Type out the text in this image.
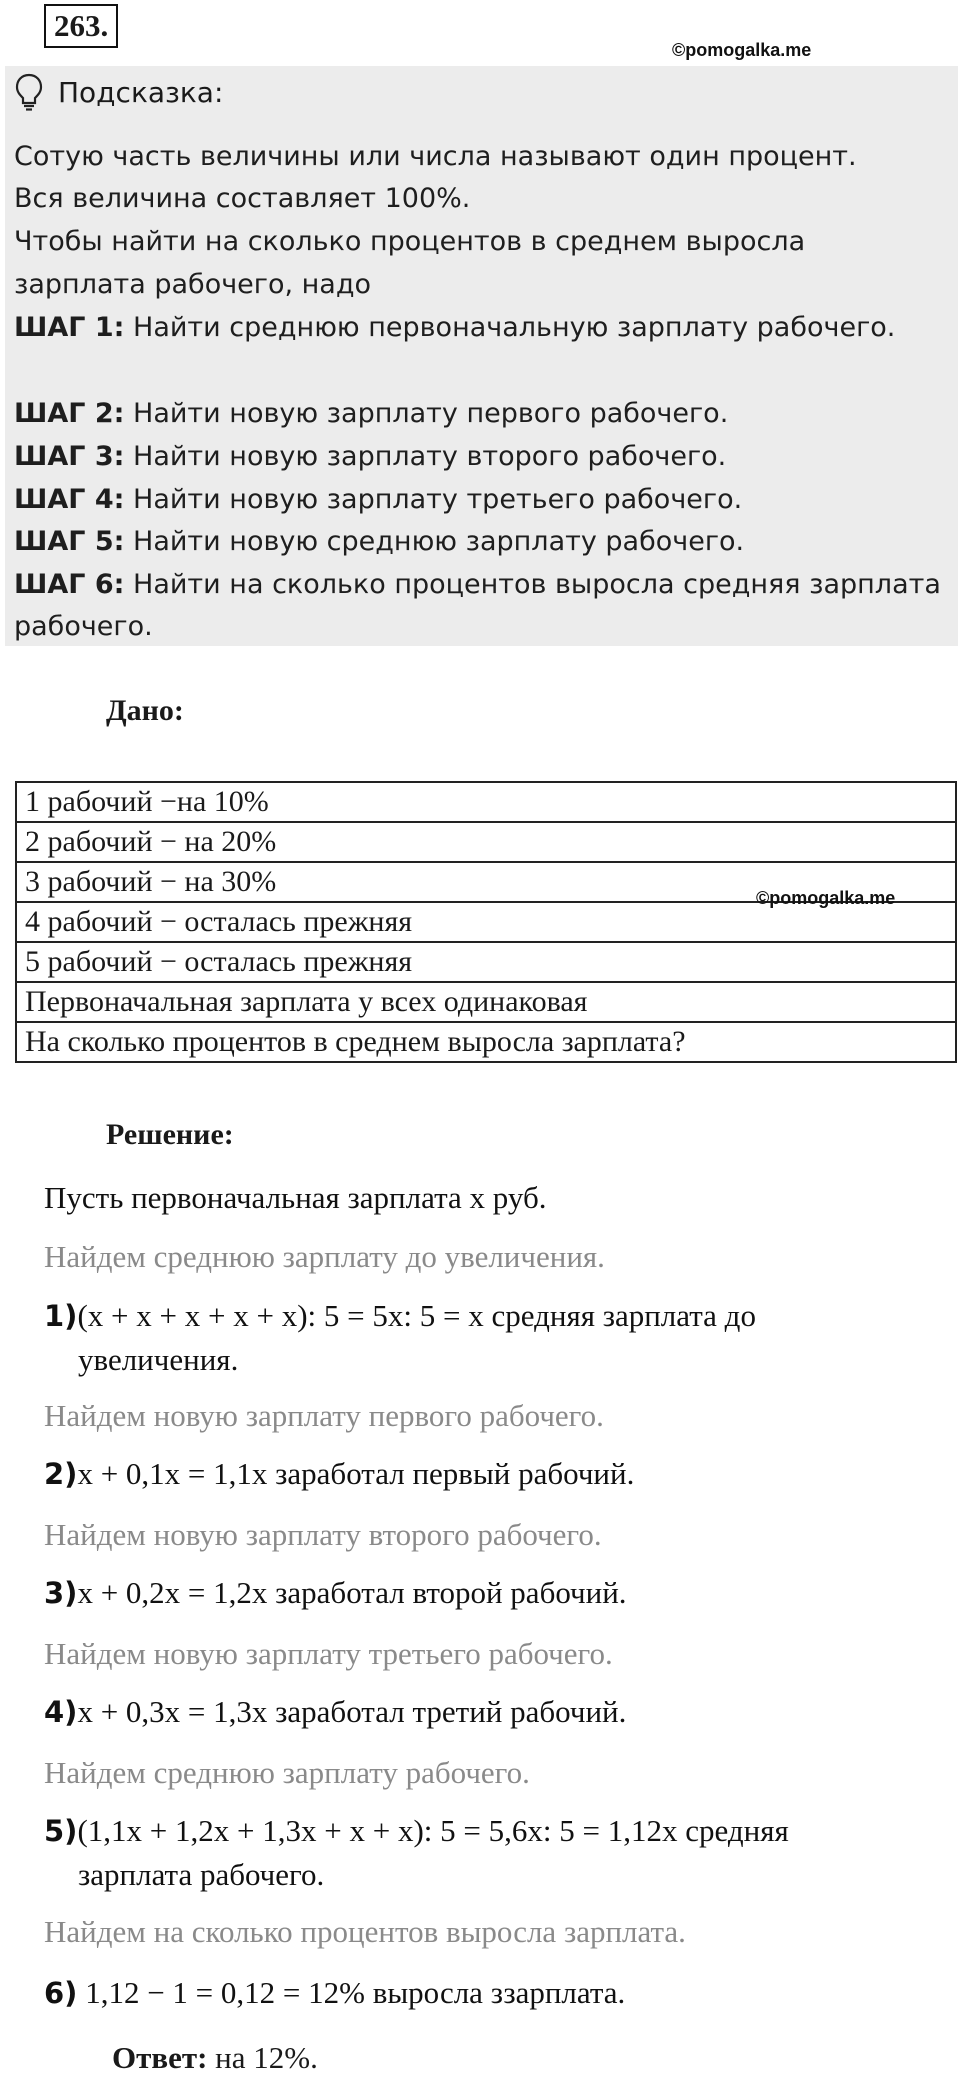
263.
©pomogalka.me
Подсказка:
Сотую часть величины или числа называют один процент.
Вся величина составляет 100%.
Чтобы найти на сколько процентов в среднем выросла
зарплата рабочего, надо
ШАГ 1: Найти среднюю первоначальную зарплату рабочего.
ШАГ 2: Найти новую зарплату первого рабочего.
ШАГ 3: Найти новую зарплату второго рабочего.
ШАГ 4: Найти новую зарплату третьего рабочего.
ШАГ 5: Найти новую среднюю зарплату рабочего.
ШАГ 6: Найти на сколько процентов выросла средняя зарплата
рабочего.
Дано:
1 рабочий −на 10%
2 рабочий − на 20%
3 рабочий − на 30%
4 рабочий − осталась прежняя
5 рабочий − осталась прежняя
Первоначальная зарплата у всех одинаковая
На сколько процентов в среднем выросла зарплата?
©pomogalka.me
Решение:
Пусть первоначальная зарплата х руб.
Найдем среднюю зарплату до увеличения.
1)(x + x + x + x + x): 5 = 5x: 5 = x средняя зарплата до
увеличения.
Найдем новую зарплату первого рабочего.
2)x + 0,1x = 1,1x заработал первый рабочий.
Найдем новую зарплату второго рабочего.
3)x + 0,2x = 1,2x заработал второй рабочий.
Найдем новую зарплату третьего рабочего.
4)x + 0,3x = 1,3x заработал третий рабочий.
Найдем среднюю зарплату рабочего.
5)(1,1x + 1,2x + 1,3x + x + x): 5 = 5,6x: 5 = 1,12x средняя
зарплата рабочего.
Найдем на сколько процентов выросла зарплата.
6) 1,12 − 1 = 0,12 = 12% выросла ззарплата.
Ответ: на 12%.
